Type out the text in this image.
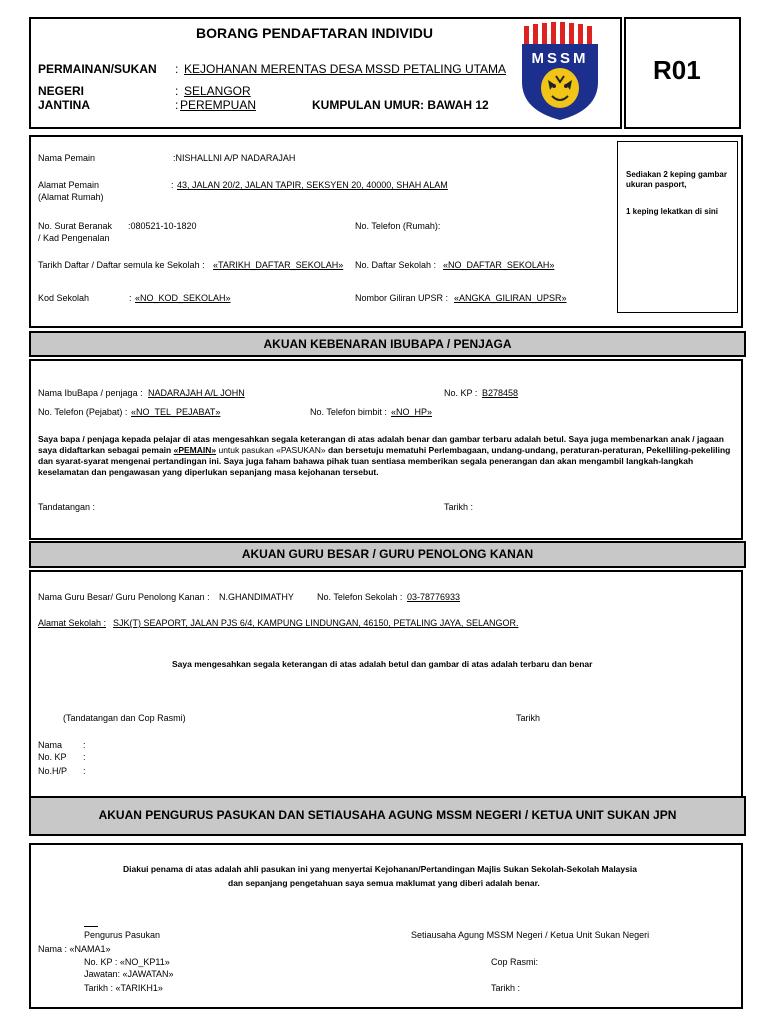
BORANG PENDAFTARAN INDIVIDU
PERMAINAN/SUKAN : KEJOHANAN MERENTAS DESA MSSD PETALING UTAMA
NEGERI	: SELANGOR
JANTINA	: PEREMPUAN	KUMPULAN UMUR: BAWAH 12
MSSM R01
Sediakan 2 keping gambar ukuran pasport,
1 keping lekatkan di sini
Nama Pemain	:NISHALLNI A/P NADARAJAH
Alamat Pemain
(Alamat Rumah)
: 43, JALAN 20/2, JALAN TAPIR, SEKSYEN 20, 40000, SHAH ALAM
No. Surat Beranak :080521-10-1820
/ Kad Pengenalan
No. Telefon (Rumah):
Tarikh Daftar / Daftar semula ke Sekolah : «TARIKH_DAFTAR_SEKOLAH» No. Daftar Sekolah : «NO_DAFTAR_SEKOLAH»
Kod Sekolah	: «NO_KOD_SEKOLAH»	Nombor Giliran UPSR : «ANGKA_GILIRAN_UPSR»
AKUAN KEBENARAN IBUBAPA / PENJAGA
Nama IbuBapa / penjaga : NADARAJAH A/L JOHN	No. KP : B278458
No. Telefon (Pejabat) : «NO_TEL_PEJABAT»	No. Telefon bimbit : «NO_HP»
Saya bapa / penjaga kepada pelajar di atas mengesahkan segala keterangan di atas adalah benar dan gambar terbaru adalah betul. Saya juga membenarkan anak / jagaan saya didaftarkan sebagai pemain «PEMAIN» untuk pasukan «PASUKAN» dan bersetuju mematuhi Perlembagaan, undang-undang, peraturan-peraturan, Pekelliling-pekeliling dan syarat-syarat mengenai pertandingan ini. Saya juga faham bahawa pihak tuan sentiasa memberikan segala penerangan dan akan mengambil langkah-langkah keselamatan dan pengawasan yang diperlukan sepanjang masa kejohanan tersebut.
Tandatangan :	Tarikh :
AKUAN GURU BESAR / GURU PENOLONG KANAN
Nama Guru Besar/ Guru Penolong Kanan : N.GHANDIMATHY	No. Telefon Sekolah : 03-78776933
Alamat Sekolah : SJK(T) SEAPORT, JALAN PJS 6/4, KAMPUNG LINDUNGAN, 46150, PETALING JAYA, SELANGOR.
Saya mengesahkan segala keterangan di atas adalah betul dan gambar di atas adalah terbaru dan benar
(Tandatangan dan Cop Rasmi)	Tarikh
Nama :
No. KP :
No.H/P :
AKUAN PENGURUS PASUKAN DAN SETIAUSAHA AGUNG MSSM NEGERI / KETUA UNIT SUKAN JPN
Diakui penama di atas adalah ahli pasukan ini yang menyertai Kejohanan/Pertandingan Majlis Sukan Sekolah-Sekolah Malaysia
dan sepanjang pengetahuan saya semua maklumat yang diberi adalah benar.
Pengurus Pasukan	Setiausaha Agung MSSM Negeri / Ketua Unit Sukan Negeri
Nama : «NAMA1»
No. KP : «NO_KP11»	Cop Rasmi:
Jawatan: «JAWATAN»
Tarikh : «TARIKH1»	Tarikh :
